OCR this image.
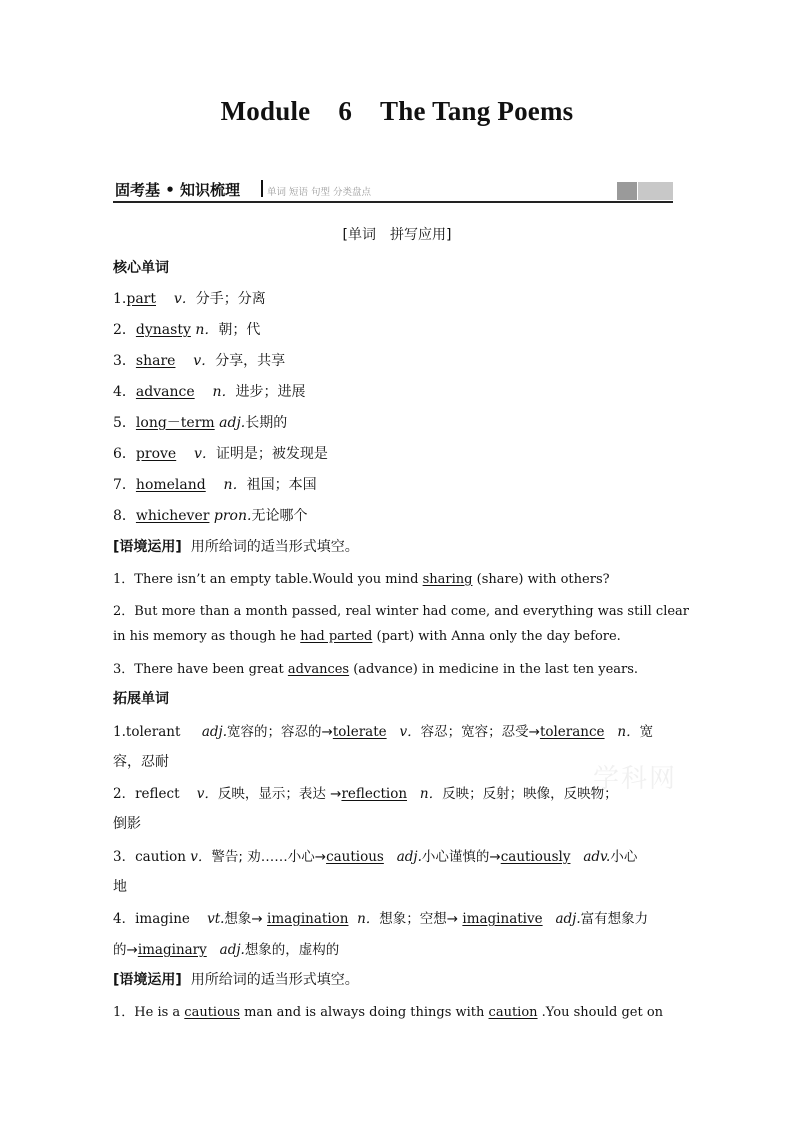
Module 6 The Tang Poems
固考基 • 知识梳理	单词 短语 句型 分类盘点
[单词　拼写应用]
核心单词
1.part v．分手；分离
2．dynasty n．朝；代
3．share v．分享，共享
4．advance n．进步；进展
5．long－term adj.长期的
6．prove v．证明是；被发现是
7．homeland n．祖国；本国
8．whichever pron.无论哪个
[语境运用] 用所给词的适当形式填空。
1．There isn’t an empty table.Would you mind sharing (share) with others?
2．But more than a month passed, real winter had come, and everything was still clear
in his memory as though he had parted (part) with Anna only the day before.
3．There have been great advances (advance) in medicine in the last ten years.
拓展单词
1.tolerant adj.宽容的；容忍的→tolerate v．容忍；宽容；忍受→tolerance n．宽
容，忍耐
2．reflect v．反映，显示；表达 →reflection n．反映；反射；映像，反映物；
倒影
3．caution v．警告; 劝……小心→cautious adj.小心谨慎的→cautiously adv.小心
地
4．imagine vt.想象→ imagination n．想象；空想→ imaginative adj.富有想象力
的→imaginary adj.想象的，虚构的
[语境运用] 用所给词的适当形式填空。
1．He is a cautious man and is always doing things with caution .You should get on
学科网
